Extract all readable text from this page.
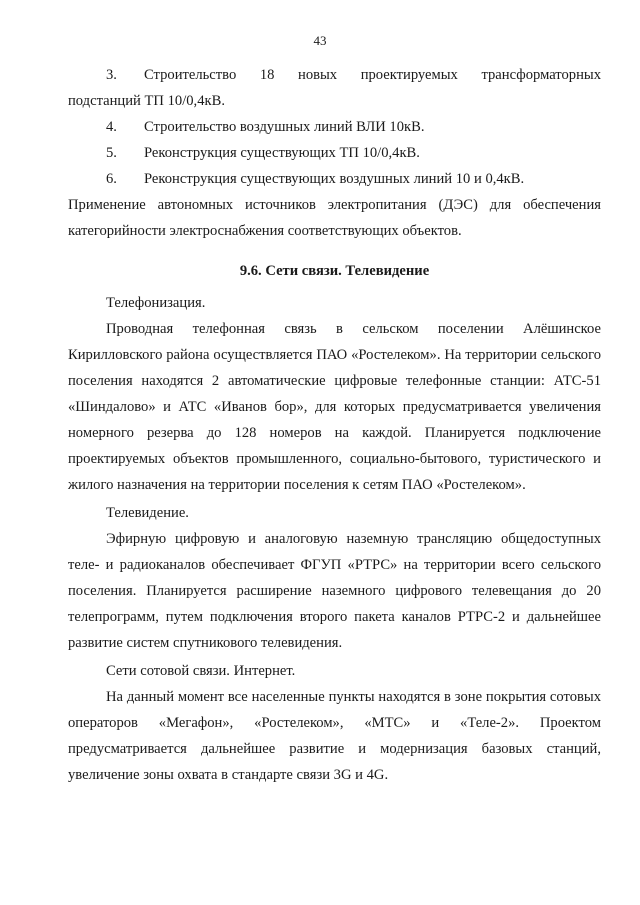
43

3. Строительство 18 новых проектируемых трансформаторных

подстанций ТП 10/0,4кВ.

4.	Строительство воздушных линий ВЛИ 10кВ.
5.	Реконструкция существующих ТП 10/0,4кВ.
6.	Реконструкция существующих воздушных линий 10 и 0,4кВ.

Применение автономных источников электропитания (ДЭС) для обеспечения категорийности электроснабжения соответствующих объектов.

9.6. Сети связи. Телевидение

Телефонизация.

Проводная телефонная связь в сельском поселении Алёшинское Кирилловского района осуществляется ПАО «Ростелеком». На территории сельского поселения находятся 2 автоматические цифровые телефонные станции: АТС-51 «Шиндалово» и АТС «Иванов бор», для которых предусматривается увеличения номерного резерва до 128 номеров на каждой. Планируется подключение проектируемых объектов промышленного, социально-бытового, туристического и жилого назначения на территории поселения к сетям ПАО «Ростелеком».

Телевидение.

Эфирную цифровую и аналоговую наземную трансляцию общедоступных теле- и радиоканалов обеспечивает ФГУП «РТРС» на территории всего сельского поселения. Планируется расширение наземного цифрового телевещания до 20 телепрограмм, путем подключения второго пакета каналов РТРС-2 и дальнейшее развитие систем спутникового телевидения.

Сети сотовой связи. Интернет.

На данный момент все населенные пункты находятся в зоне покрытия сотовых операторов «Мегафон», «Ростелеком», «МТС» и «Теле-2». Проектом предусматривается дальнейшее развитие и модернизация базовых станций, увеличение зоны охвата в стандарте связи 3G и 4G.
